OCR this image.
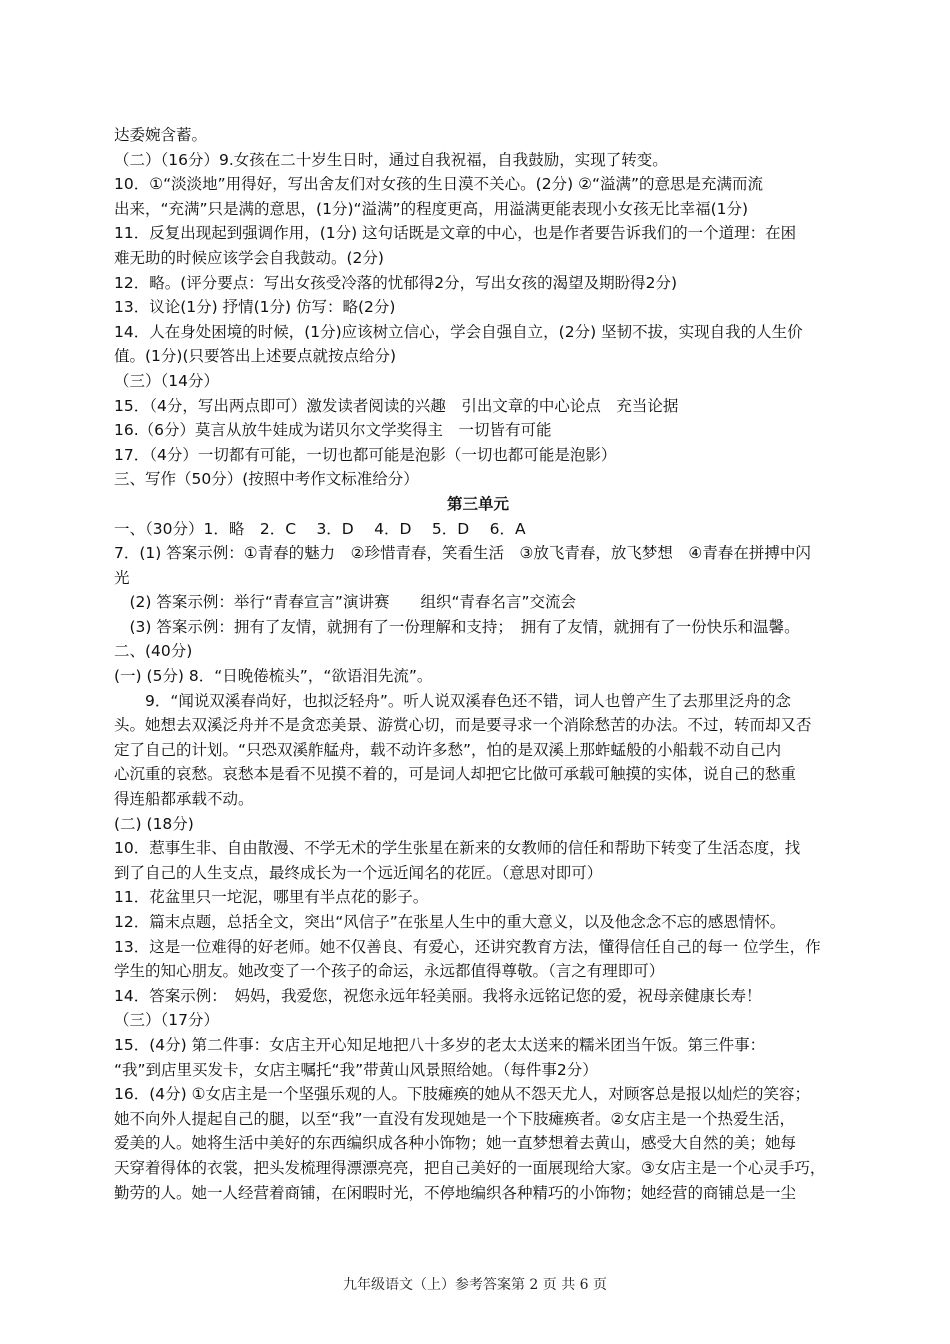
达委婉含蓄。
（二）（16分）9.女孩在二十岁生日时，通过自我祝福，自我鼓励，实现了转变。
10．①“淡淡地”用得好，写出舍友们对女孩的生日漠不关心。(2分) ②“溢满”的意思是充满而流
出来，“充满”只是满的意思，(1分)“溢满”的程度更高，用溢满更能表现小女孩无比幸福(1分)
11．反复出现起到强调作用，(1分) 这句话既是文章的中心，也是作者要告诉我们的一个道理：在困
难无助的时候应该学会自我鼓动。(2分)
12．略。(评分要点：写出女孩受冷落的忧郁得2分，写出女孩的渴望及期盼得2分)
13．议论(1分) 抒情(1分) 仿写：略(2分)
14．人在身处困境的时候，(1分)应该树立信心，学会自强自立，(2分) 坚韧不拔，实现自我的人生价
值。(1分)(只要答出上述要点就按点给分)
（三）（14分）
15．（4分，写出两点即可）激发读者阅读的兴趣　引出文章的中心论点　充当论据
16.（6分）莫言从放牛娃成为诺贝尔文学奖得主　一切皆有可能
17．（4分）一切都有可能，一切也都可能是泡影（一切也都可能是泡影）
三、写作（50分）(按照中考作文标准给分）
第三单元
一、（30分）1．略　2．C　 3．D　 4．D　 5．D　 6．A
7．(1) 答案示例：①青春的魅力　②珍惜青春，笑看生活　③放飞青春，放飞梦想　④青春在拼搏中闪
光
　(2) 答案示例：举行“青春宣言”演讲赛　　组织“青春名言”交流会
　(3) 答案示例：拥有了友情，就拥有了一份理解和支持；　拥有了友情，就拥有了一份快乐和温馨。
二、(40分)
(一) (5分) 8．“日晚倦梳头”，“欲语泪先流”。
　　9．“闻说双溪春尚好，也拟泛轻舟”。听人说双溪春色还不错，词人也曾产生了去那里泛舟的念
头。她想去双溪泛舟并不是贪恋美景、游赏心切，而是要寻求一个消除愁苦的办法。不过，转而却又否
定了自己的计划。“只恐双溪舴艋舟，载不动许多愁”，怕的是双溪上那蚱蜢般的小船载不动自己内
心沉重的哀愁。哀愁本是看不见摸不着的，可是词人却把它比做可承载可触摸的实体，说自己的愁重
得连船都承载不动。
(二) (18分)
10．惹事生非、自由散漫、不学无术的学生张星在新来的女教师的信任和帮助下转变了生活态度，找
到了自己的人生支点，最终成长为一个远近闻名的花匠。（意思对即可）
11．花盆里只一坨泥，哪里有半点花的影子。
12．篇末点题，总括全文，突出“风信子”在张星人生中的重大意义，以及他念念不忘的感恩情怀。
13．这是一位难得的好老师。她不仅善良、有爱心，还讲究教育方法，懂得信任自己的每一 位学生，作
学生的知心朋友。她改变了一个孩子的命运，永远都值得尊敬。（言之有理即可）
14．答案示例：　妈妈，我爱您，祝您永远年轻美丽。我将永远铭记您的爱，祝母亲健康长寿！
（三）（17分）
15．(4分) 第二件事：女店主开心知足地把八十多岁的老太太送来的糯米团当午饭。第三件事：
“我”到店里买发卡，女店主嘱托“我”带黄山风景照给她。（每件事2分）
16．(4分) ①女店主是一个坚强乐观的人。下肢瘫痪的她从不怨天尤人，对顾客总是报以灿烂的笑容；
她不向外人提起自己的腿，以至“我”一直没有发现她是一个下肢瘫痪者。②女店主是一个热爱生活，
爱美的人。她将生活中美好的东西编织成各种小饰物；她一直梦想着去黄山，感受大自然的美；她每
天穿着得体的衣裳，把头发梳理得漂漂亮亮，把自己美好的一面展现给大家。③女店主是一个心灵手巧，
勤劳的人。她一人经营着商铺，在闲暇时光，不停地编织各种精巧的小饰物；她经营的商铺总是一尘
九年级语文（上）参考答案第 2 页 共 6 页
